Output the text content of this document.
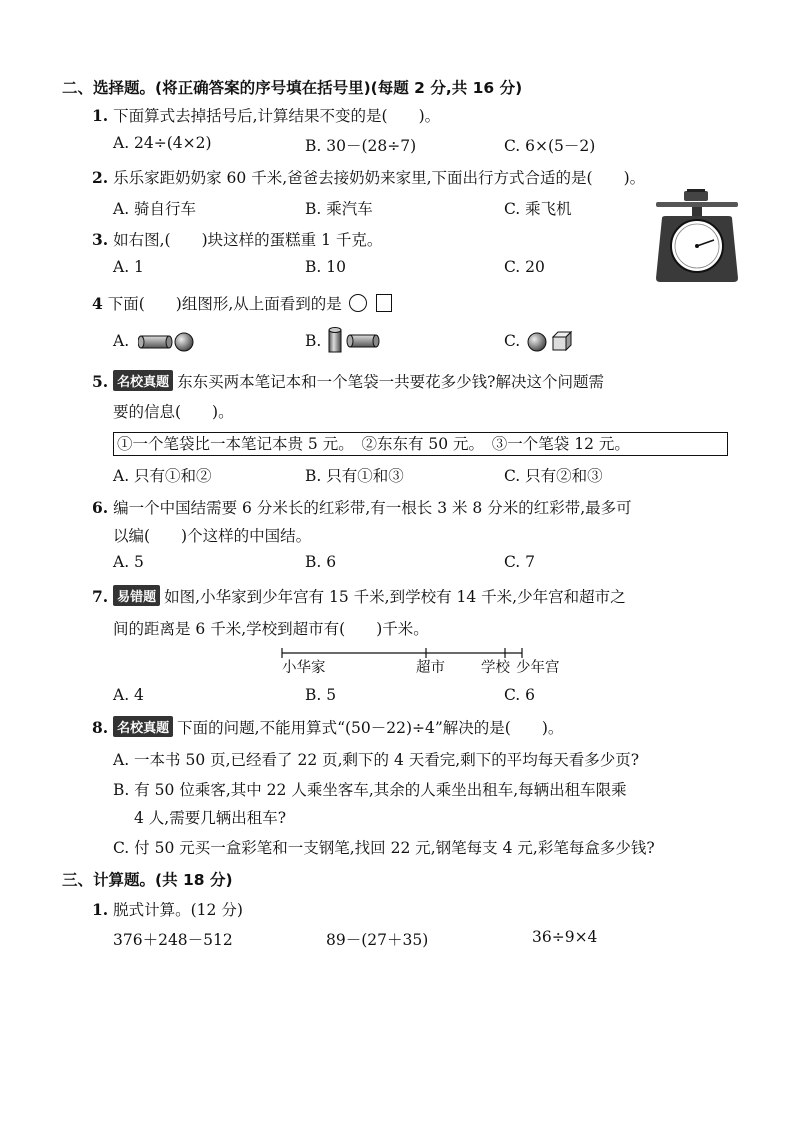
二、选择题。(将正确答案的序号填在括号里)(每题 2 分,共 16 分)
1. 下面算式去掉括号后,计算结果不变的是(　　)。
A. 24÷(4×2)	B. 30－(28÷7)	C. 6×(5－2)
2. 乐乐家距奶奶家 60 千米,爸爸去接奶奶来家里,下面出行方式合适的是(　　)。
A. 骑自行车	B. 乘汽车	C. 乘飞机
3. 如右图,(　　)块这样的蛋糕重 1 千克。
A. 1	B. 10	C. 20
4 下面(　　)组图形,从上面看到的是
A.	B.	C.
5. 名校真题 东东买两本笔记本和一个笔袋一共要花多少钱?解决这个问题需
要的信息(　　)。
①一个笔袋比一本笔记本贵 5 元。　②东东有 50 元。　③一个笔袋 12 元。
A. 只有①和②	B. 只有①和③	C. 只有②和③
6. 编一个中国结需要 6 分米长的红彩带,有一根长 3 米 8 分米的红彩带,最多可
以编(　　)个这样的中国结。
A. 5	B. 6	C. 7
7. 易错题 如图,小华家到少年宫有 15 千米,到学校有 14 千米,少年宫和超市之
间的距离是 6 千米,学校到超市有(　　)千米。
小华家	超市 学校 少年宫
A. 4	B. 5	C. 6
8. 名校真题 下面的问题,不能用算式“(50－22)÷4”解决的是(　　)。
A. 一本书 50 页,已经看了 22 页,剩下的 4 天看完,剩下的平均每天看多少页?
B. 有 50 位乘客,其中 22 人乘坐客车,其余的人乘坐出租车,每辆出租车限乘
4 人,需要几辆出租车?
C. 付 50 元买一盒彩笔和一支钢笔,找回 22 元,钢笔每支 4 元,彩笔每盒多少钱?
三、计算题。(共 18 分)
1. 脱式计算。(12 分)
376＋248－512	89－(27＋35)	36÷9×4
